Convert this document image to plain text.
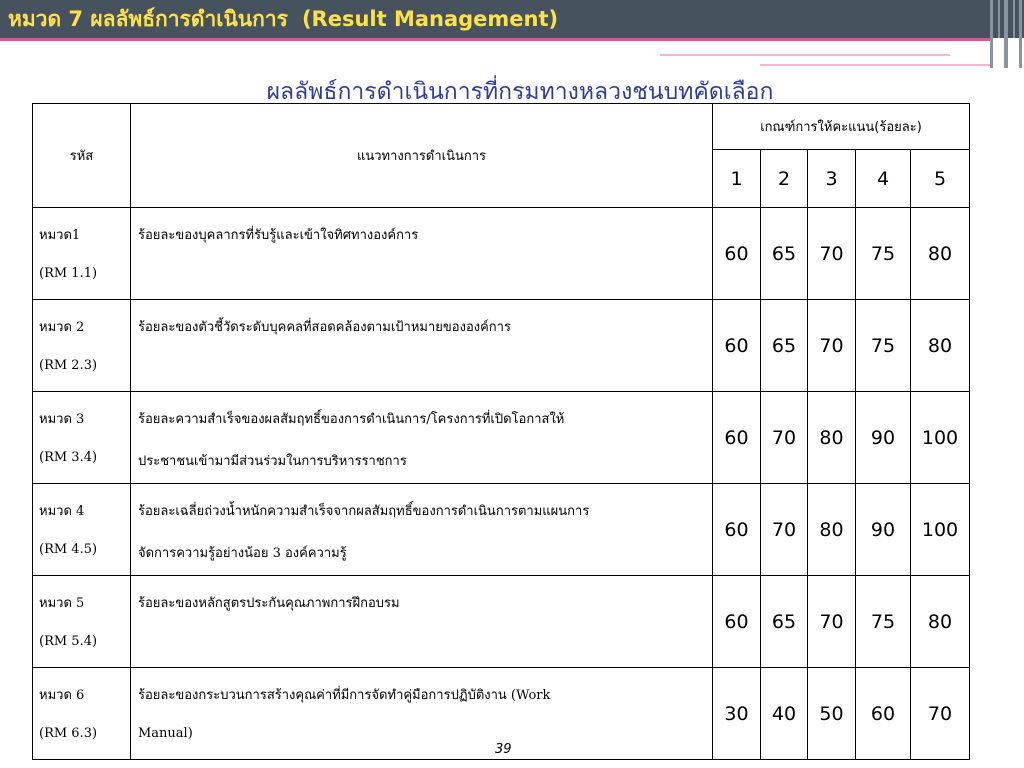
หมวด 7 ผลลัพธ์การดำเนินการ (Result Management)
ผลลัพธ์การดำเนินการที่กรมทางหลวงชนบทคัดเลือก
รหัส	แนวทางการดำเนินการ	เกณฑ์การให้คะแนน(ร้อยละ)				
		1	2	3	4	5

หมวด1
(RM 1.1)	ร้อยละของบุคลากรที่รับรู้และเข้าใจทิศทางองค์การ	60	65	70	75	80

หมวด 2
(RM 2.3)	ร้อยละของตัวชี้วัดระดับบุคคลที่สอดคล้องตามเป้าหมายขององค์การ	60	65	70	75	80

หมวด 3
(RM 3.4)	ร้อยละความสำเร็จของผลสัมฤทธิ์ของการดำเนินการ/โครงการที่เปิดโอกาสให้
ประชาชนเข้ามามีส่วนร่วมในการบริหารราชการ	60	70	80	90	100

หมวด 4
(RM 4.5)	ร้อยละเฉลี่ยถ่วงน้ำหนักความสำเร็จจากผลสัมฤทธิ์ของการดำเนินการตามแผนการ
จัดการความรู้อย่างน้อย 3 องค์ความรู้	60	70	80	90	100

หมวด 5
(RM 5.4)	ร้อยละของหลักสูตรประกันคุณภาพการฝึกอบรม	60	65	70	75	80

หมวด 6
(RM 6.3)	ร้อยละของกระบวนการสร้างคุณค่าที่มีการจัดทำคู่มือการปฏิบัติงาน (Work
Manual)	30	40	50	60	70
39
